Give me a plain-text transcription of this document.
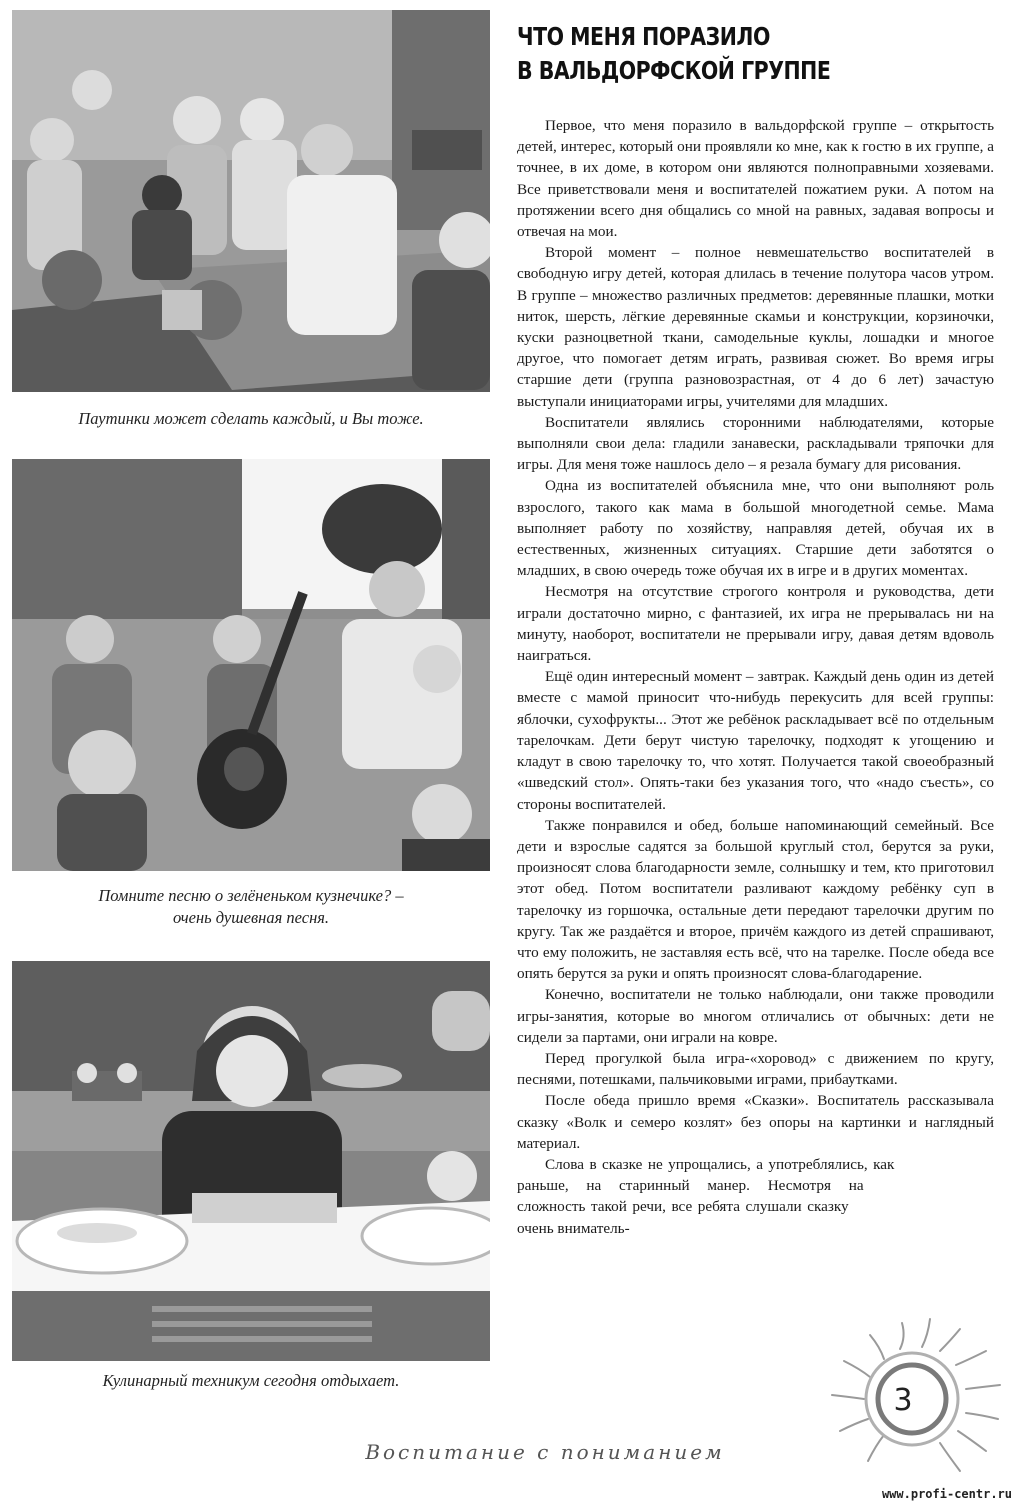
Паутинки может сделать каждый, и Вы тоже.
Помните песню о зелёненьком кузнечике? –
очень душевная песня.
Кулинарный техникум сегодня отдыхает.
ЧТО МЕНЯ ПОРАЗИЛО
В ВАЛЬДОРФСКОЙ ГРУППЕ

Первое, что меня поразило в вальдорфской группе – открытость детей, интерес, который они проявляли ко мне, как к гостю в их группе, а точнее, в их доме, в котором они являются полноправными хозяевами. Все приветствовали меня и воспитателей пожатием руки. А потом на протяжении всего дня общались со мной на равных, задавая вопросы и отвечая на мои.

Второй момент – полное невмешательство воспитателей в свободную игру детей, которая длилась в течение полутора часов утром. В группе – множество различных предметов: деревянные плашки, мотки ниток, шерсть, лёгкие деревянные скамьи и конструкции, корзиночки, куски разноцветной ткани, самодельные куклы, лошадки и многое другое, что помогает детям играть, развивая сюжет. Во время игры старшие дети (группа разновозрастная, от 4 до 6 лет) зачастую выступали инициаторами игры, учителями для младших.

Воспитатели являлись сторонними наблюдателями, которые выполняли свои дела: гладили занавески, раскладывали тряпочки для игры. Для меня тоже нашлось дело – я резала бумагу для рисования.

Одна из воспитателей объяснила мне, что они выполняют роль взрослого, такого как мама в большой многодетной семье. Мама выполняет работу по хозяйству, направляя детей, обучая их в естественных, жизненных ситуациях. Старшие дети заботятся о младших, в свою очередь тоже обучая их в игре и в других моментах.

Несмотря на отсутствие строгого контроля и руководства, дети играли достаточно мирно, с фантазией, их игра не прерывалась ни на минуту, наоборот, воспитатели не прерывали игру, давая детям вдоволь наиграться.

Ещё один интересный момент – завтрак. Каждый день один из детей вместе с мамой приносит что-нибудь перекусить для всей группы: яблочки, сухофрукты... Этот же ребёнок раскладывает всё по отдельным тарелочкам. Дети берут чистую тарелочку, подходят к угощению и кладут в свою тарелочку то, что хотят. Получается такой своеобразный «шведский стол». Опять-таки без указания того, что «надо съесть», со стороны воспитателей.

Также понравился и обед, больше напоминающий семейный. Все дети и взрослые садятся за большой круглый стол, берутся за руки, произносят слова благодарности земле, солнышку и тем, кто приготовил этот обед. Потом воспитатели разливают каждому ребёнку суп в тарелочку из горшочка, остальные дети передают тарелочки другим по кругу. Так же раздаётся и второе, причём каждого из детей спрашивают, что ему положить, не заставляя есть всё, что на тарелке. После обеда все опять берутся за руки и опять произносят слова-благодарение.

Конечно, воспитатели не только наблюдали, они также проводили игры-занятия, которые во многом отличались от обычных: дети не сидели за партами, они играли на ковре.

Перед прогулкой была игра-«хоровод» с движением по кругу, песнями, потешками, пальчиковыми играми, прибаутками.

После обеда пришло время «Сказки». Воспитатель рассказывала сказку «Волк и семеро козлят» без опоры на картинки и наглядный материал.

Слова в сказке не упрощались, а употреблялись, как раньше, на старинный манер. Несмотря на сложность такой речи, все ребята слушали сказку очень вниматель-

3
Воспитание с пониманием
www.profi-centr.ru
